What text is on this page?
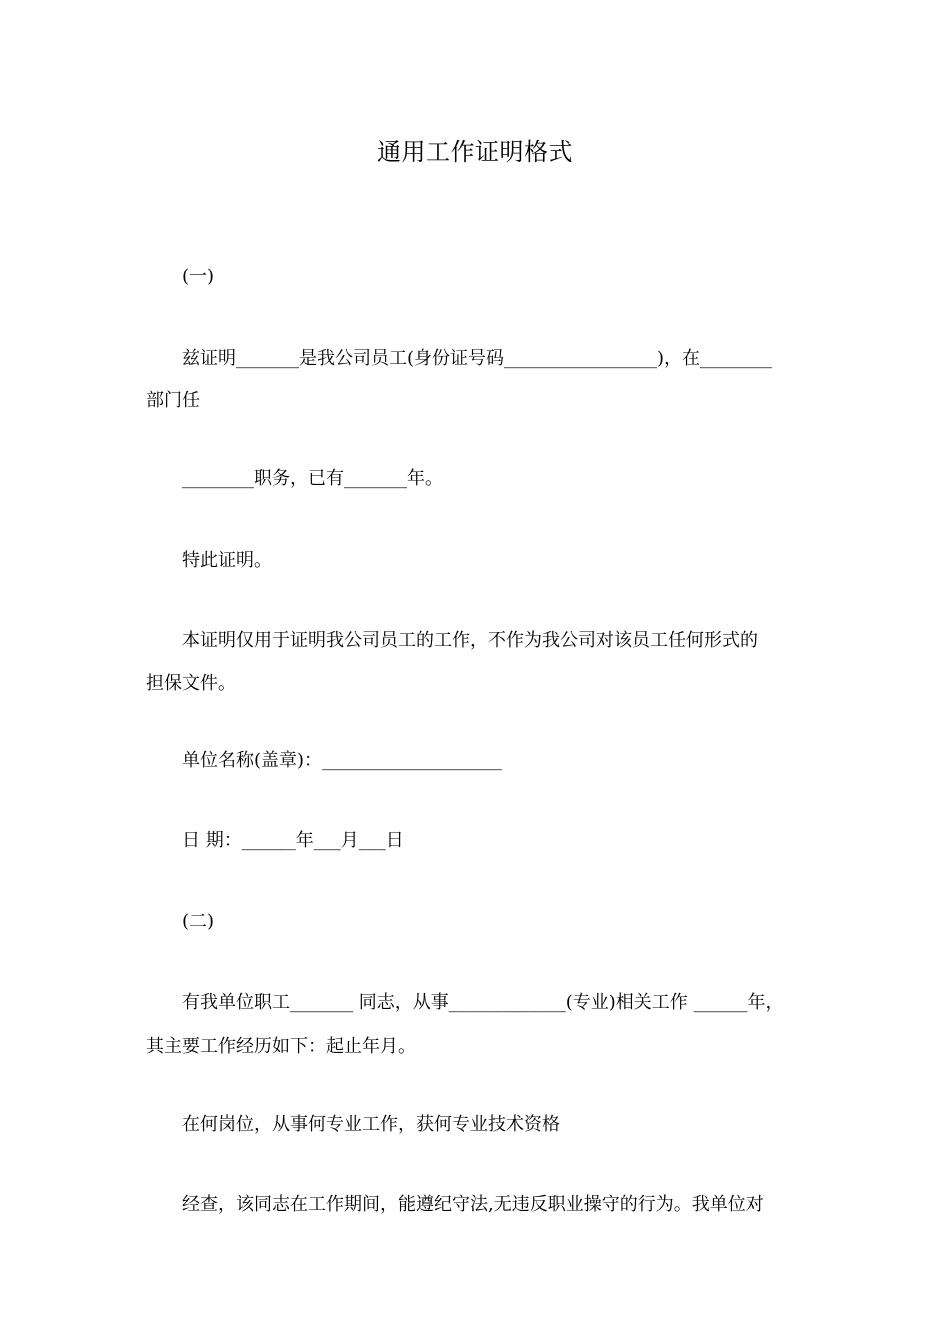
通用工作证明格式
(一)
兹证明_______是我公司员工(身份证号码_________________)，在________
部门任
________职务，已有_______年。
特此证明。
本证明仅用于证明我公司员工的工作，不作为我公司对该员工任何形式的
担保文件。
单位名称(盖章)：____________________
日 期：______年___月___日
(二)
有我单位职工_______ 同志，从事_____________(专业)相关工作 ______年，
其主要工作经历如下：起止年月。
在何岗位，从事何专业工作，获何专业技术资格
经查，该同志在工作期间，能遵纪守法,无违反职业操守的行为。我单位对
